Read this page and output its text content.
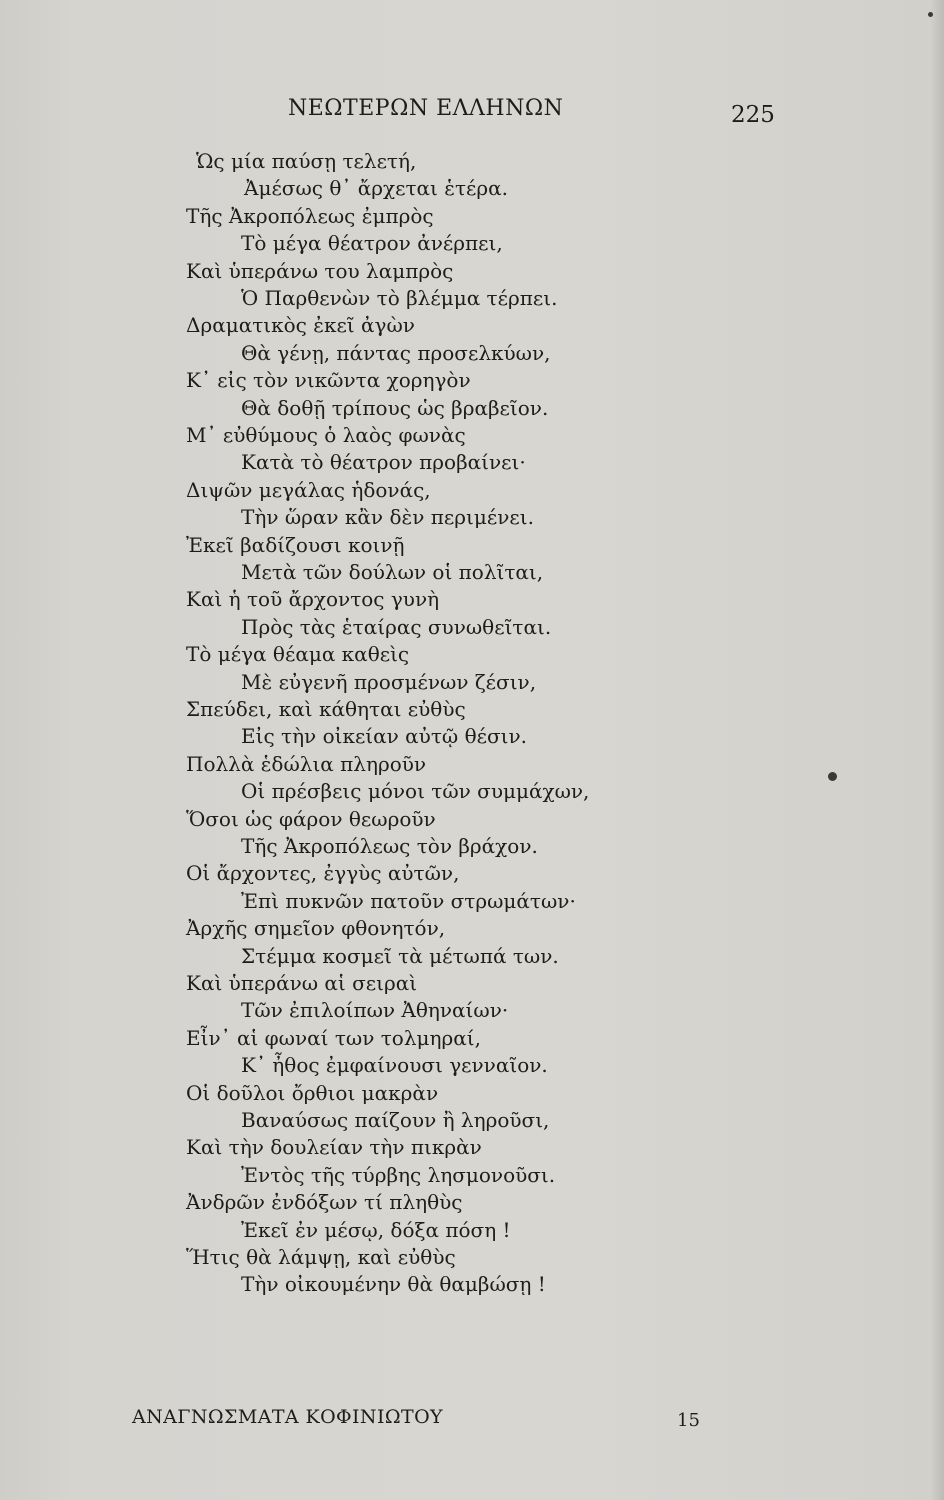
ΝΕΩΤΕΡΩΝ ΕΛΛΗΝΩΝ	225
Ὡς μία παύσῃ τελετή,
Ἀμέσως θ᾽ ἄρχεται ἑτέρα.
Τῆς Ἀκροπόλεως ἐμπρὸς
Τὸ μέγα θέατρον ἀνέρπει,
Καὶ ὑπεράνω του λαμπρὸς
Ὁ Παρθενὼν τὸ βλέμμα τέρπει.
Δραματικὸς ἐκεῖ ἀγὼν
Θὰ γένῃ, πάντας προσελκύων,
Κ᾽ εἰς τὸν νικῶντα χορηγὸν
Θὰ δοθῇ τρίπους ὡς βραβεῖον.
Μ᾽ εὐθύμους ὁ λαὸς φωνὰς
Κατὰ τὸ θέατρον προβαίνει·
Διψῶν μεγάλας ἡδονάς,
Τὴν ὥραν κἂν δὲν περιμένει.
Ἐκεῖ βαδίζουσι κοινῇ
Μετὰ τῶν δούλων οἱ πολῖται,
Καὶ ἡ τοῦ ἄρχοντος γυνὴ
Πρὸς τὰς ἑταίρας συνωθεῖται.
Τὸ μέγα θέαμα καθεὶς
Μὲ εὐγενῆ προσμένων ζέσιν,
Σπεύδει, καὶ κάθηται εὐθὺς
Εἰς τὴν οἰκείαν αὐτῷ θέσιν.
Πολλὰ ἑδώλια πληροῦν
Οἱ πρέσβεις μόνοι τῶν συμμάχων,
Ὅσοι ὡς φάρον θεωροῦν
Τῆς Ἀκροπόλεως τὸν βράχον.
Οἱ ἄρχοντες, ἐγγὺς αὐτῶν,
Ἐπὶ πυκνῶν πατοῦν στρωμάτων·
Ἀρχῆς σημεῖον φθονητόν,
Στέμμα κοσμεῖ τὰ μέτωπά των.
Καὶ ὑπεράνω αἱ σειραὶ
Τῶν ἐπιλοίπων Ἀθηναίων·
Εἶν᾽ αἱ φωναί των τολμηραί,
Κ᾽ ἦθος ἐμφαίνουσι γενναῖον.
Οἱ δοῦλοι ὄρθιοι μακρὰν
Βαναύσως παίζουν ἢ ληροῦσι,
Καὶ τὴν δουλείαν τὴν πικρὰν
Ἐντὸς τῆς τύρβης λησμονοῦσι.
Ἀνδρῶν ἐνδόξων τί πληθὺς
Ἐκεῖ ἐν μέσῳ, δόξα πόση !
Ἥτις θὰ λάμψῃ, καὶ εὐθὺς
Τὴν οἰκουμένην θὰ θαμβώσῃ !
ΑΝΑΓΝΩΣΜΑΤΑ ΚΟΦΙΝΙΩΤΟΥ	15
